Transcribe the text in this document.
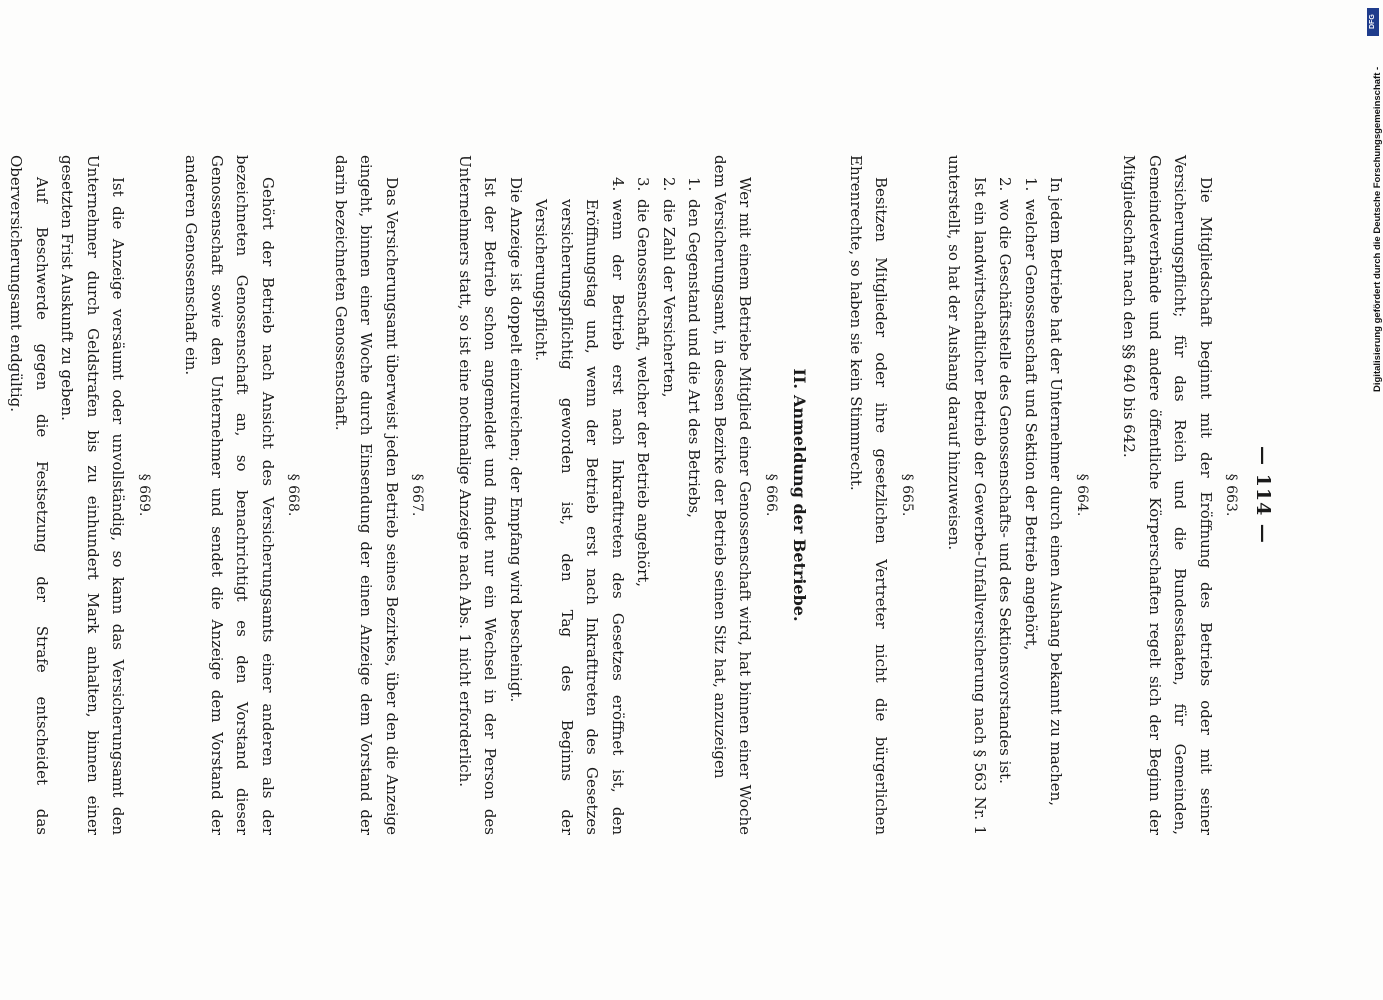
— 114 —
§ 663.

Die Mitgliedschaft beginnt mit der Eröffnung des Betriebs oder mit seiner Versicherungspflicht; für das Reich und die Bundesstaaten, für Gemeinden, Gemeindeverbände und andere öffentliche Körperschaften regelt sich der Beginn der Mitgliedschaft nach den §§ 640 bis 642.

§ 664.

In jedem Betriebe hat der Unternehmer durch einen Aushang bekannt zu machen,

1.welcher Genossenschaft und Sektion der Betrieb angehört,
2.wo die Geschäftsstelle des Genossenschafts- und des Sektionsvorstandes ist.

Ist ein landwirtschaftlicher Betrieb der Gewerbe-Unfallversicherung nach § 563 Nr. 1 unterstellt, so hat der Aushang darauf hinzuweisen.

§ 665.

Besitzen Mitglieder oder ihre gesetzlichen Vertreter nicht die bürgerlichen Ehrenrechte, so haben sie kein Stimmrecht.

II.Anmeldung der Betriebe.
§ 666.

Wer mit einem Betriebe Mitglied einer Genossenschaft wird, hat binnen einer Woche dem Versicherungsamt, in dessen Bezirke der Betrieb seinen Sitz hat, anzuzeigen

1.den Gegenstand und die Art des Betriebs,
2.die Zahl der Versicherten,
3.die Genossenschaft, welcher der Betrieb angehört,
4.wenn der Betrieb erst nach Inkrafttreten des Gesetzes eröffnet ist, den Eröffnungstag und, wenn der Betrieb erst nach Inkrafttreten des Gesetzes versicherungspflichtig geworden ist, den Tag des Beginns der Versicherungspflicht.

Die Anzeige ist doppelt einzureichen; der Empfang wird bescheinigt.

Ist der Betrieb schon angemeldet und findet nur ein Wechsel in der Person des Unternehmers statt, so ist eine nochmalige Anzeige nach Abs. 1 nicht erforderlich.

§ 667.

Das Versicherungsamt überweist jeden Betrieb seines Bezirkes, über den die Anzeige eingeht, binnen einer Woche durch Einsendung der einen Anzeige dem Vorstand der darin bezeichneten Genossenschaft.

§ 668.

Gehört der Betrieb nach Ansicht des Versicherungsamts einer anderen als der bezeichneten Genossenschaft an, so benachrichtigt es den Vorstand dieser Genossenschaft sowie den Unternehmer und sendet die Anzeige dem Vorstand der anderen Genossenschaft ein.

§ 669.

Ist die Anzeige versäumt oder unvollständig, so kann das Versicherungsamt den Unternehmer durch Geldstrafen bis zu einhundert Mark anhalten, binnen einer gesetzten Frist Auskunft zu geben.

Auf Beschwerde gegen die Festsetzung der Strafe entscheidet das Oberversicherungsamt endgültig.	Digitalisierung gefördert durch die Deutsche Forschungsgemeinschaft -
DFG
